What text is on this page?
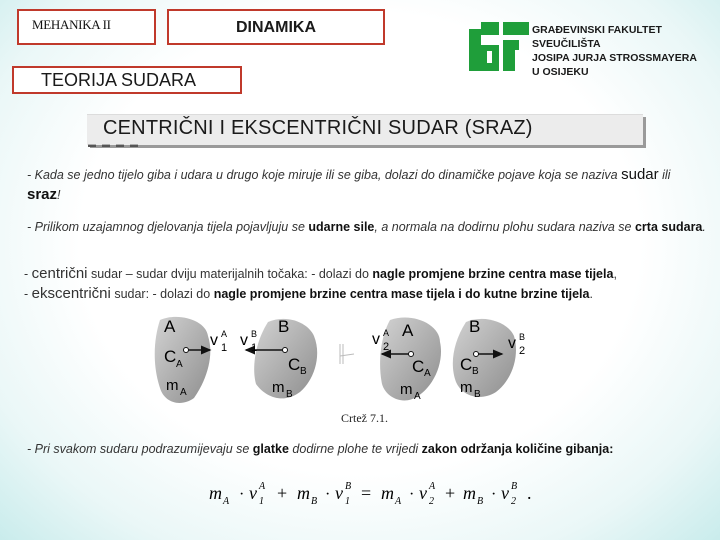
MEHANIKA II	DINAMIKA
TEORIJA SUDARA
GRAĐEVINSKI FAKULTET
SVEUČILIŠTA
JOSIPA JURJA STROSSMAYERA
U OSIJEKU
CENTRIČNI I EKSCENTRIČNI SUDAR (SRAZ)
▬▬▬▬
- Kada se jedno tijelo giba i udara u drugo koje miruje ili se giba, dolazi do dinamičke pojave koja se naziva sudar ili sraz!
- Prilikom uzajamnog djelovanja tijela pojavljuju se udarne sile, a normala na dodirnu plohu sudara naziva se crta sudara.
- centrični sudar – sudar dviju materijalnih točaka: - dolazi do nagle promjene brzine centra mase tijela,
- ekscentrični sudar: - dolazi do nagle promjene brzine centra mase tijela i do kutne brzine tijela.
A
C A
m A
v A
1 v B
1
B
C B
m B
v A
2
A
C A
m A
B
C B
m B
v B
2
Crtež 7.1.
- Pri svakom sudaru podrazumijevaju se glatke dodirne plohe te vrijedi zakon održanja količine gibanja:
m A v A
1 m B v B
1 m A v A
2 m B v B
2
· + · = · + · .
